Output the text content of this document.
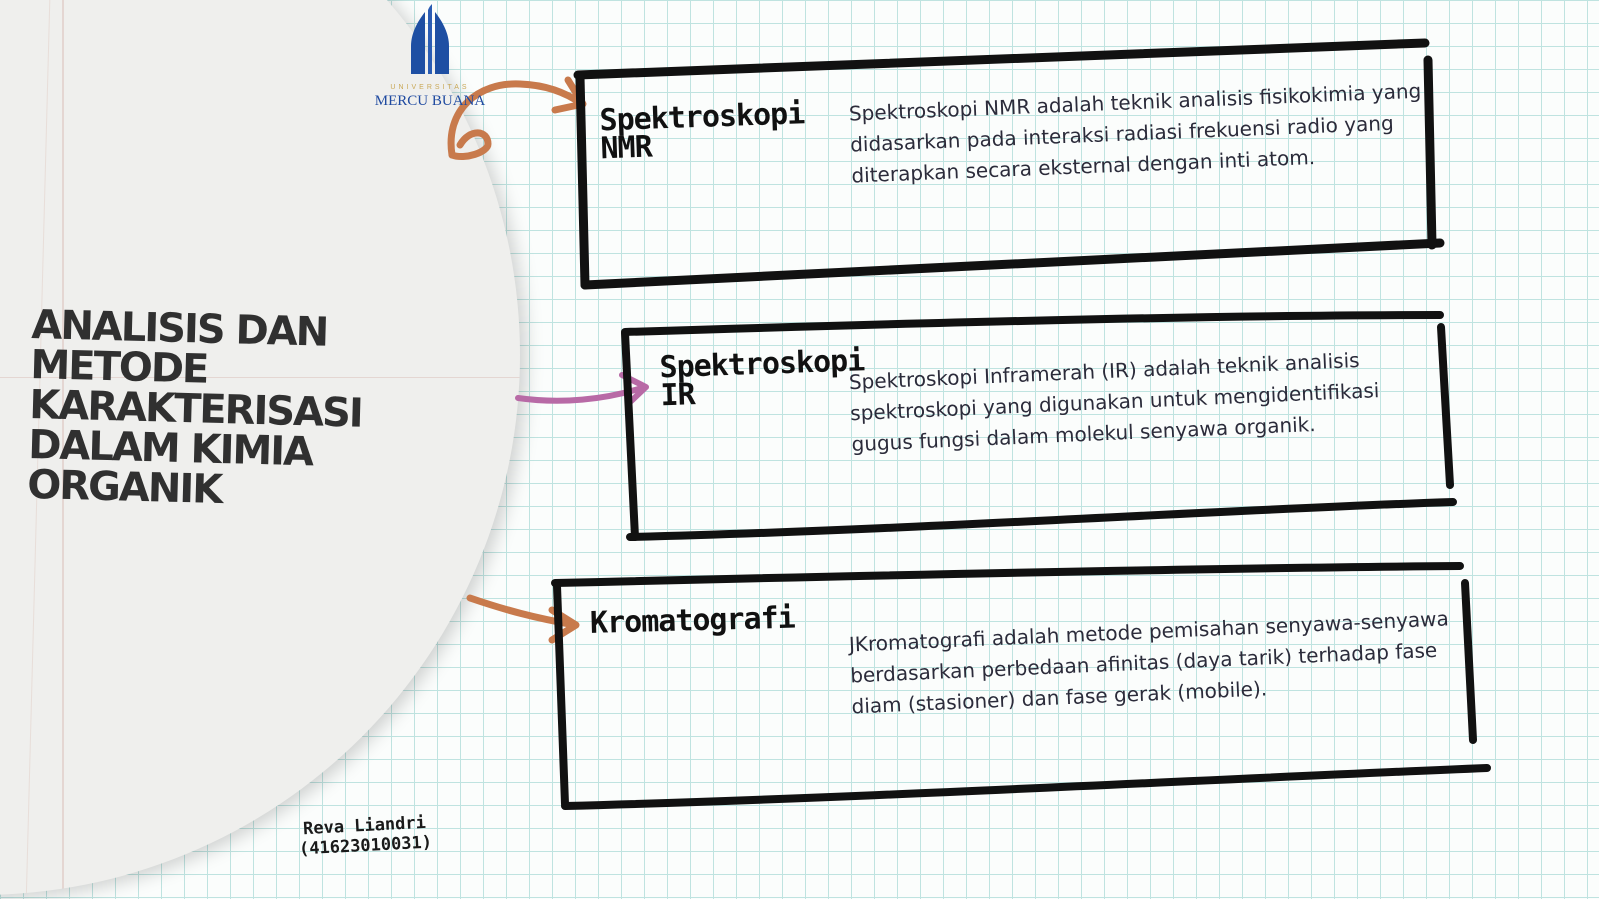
UNIVERSITAS
MERCU BUANA
ANALISIS DAN METODE KARAKTERISASI DALAM KIMIA ORGANIK
Spektroskopi NMR

Spektroskopi NMR adalah teknik analisis fisikokimia yang didasarkan pada interaksi radiasi frekuensi radio yang diterapkan secara eksternal dengan inti atom.

Spektroskopi IR

Spektroskopi Inframerah (IR) adalah teknik analisis spektroskopi yang digunakan untuk mengidentifikasi gugus fungsi dalam molekul senyawa organik.

Kromatografi	JKromatografi adalah metode pemisahan senyawa-senyawa berdasarkan perbedaan afinitas (daya tarik) terhadap fase diam (stasioner) dan fase gerak (mobile).

Reva Liandri
(41623010031)
